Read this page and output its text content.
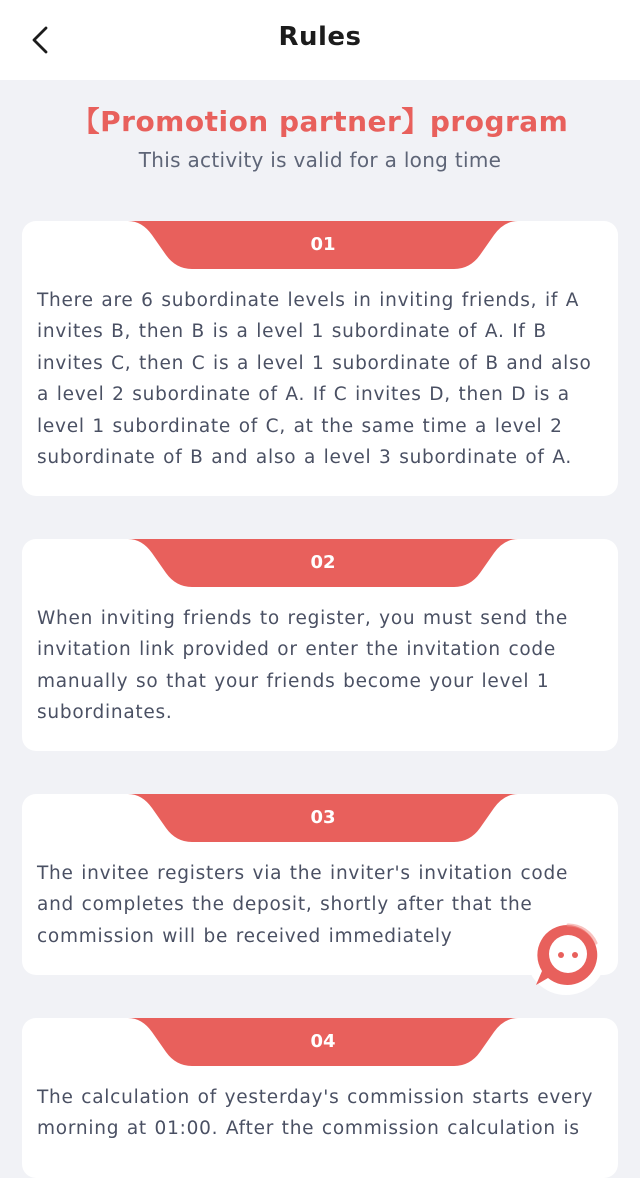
Rules
【Promotion partner】program
This activity is valid for a long time
01

There are 6 subordinate levels in inviting friends, if A invites B, then B is a level 1 subordinate of A. If B invites C, then C is a level 1 subordinate of B and also a level 2 subordinate of A. If C invites D, then D is a level 1 subordinate of C, at the same time a level 2 subordinate of B and also a level 3 subordinate of A.

02

When inviting friends to register, you must send the invitation link provided or enter the invitation code manually so that your friends become your level 1 subordinates.

03

The invitee registers via the inviter's invitation code and completes the deposit, shortly after that the commission will be received immediately

04

The calculation of yesterday's commission starts every morning at 01:00. After the commission calculation is
